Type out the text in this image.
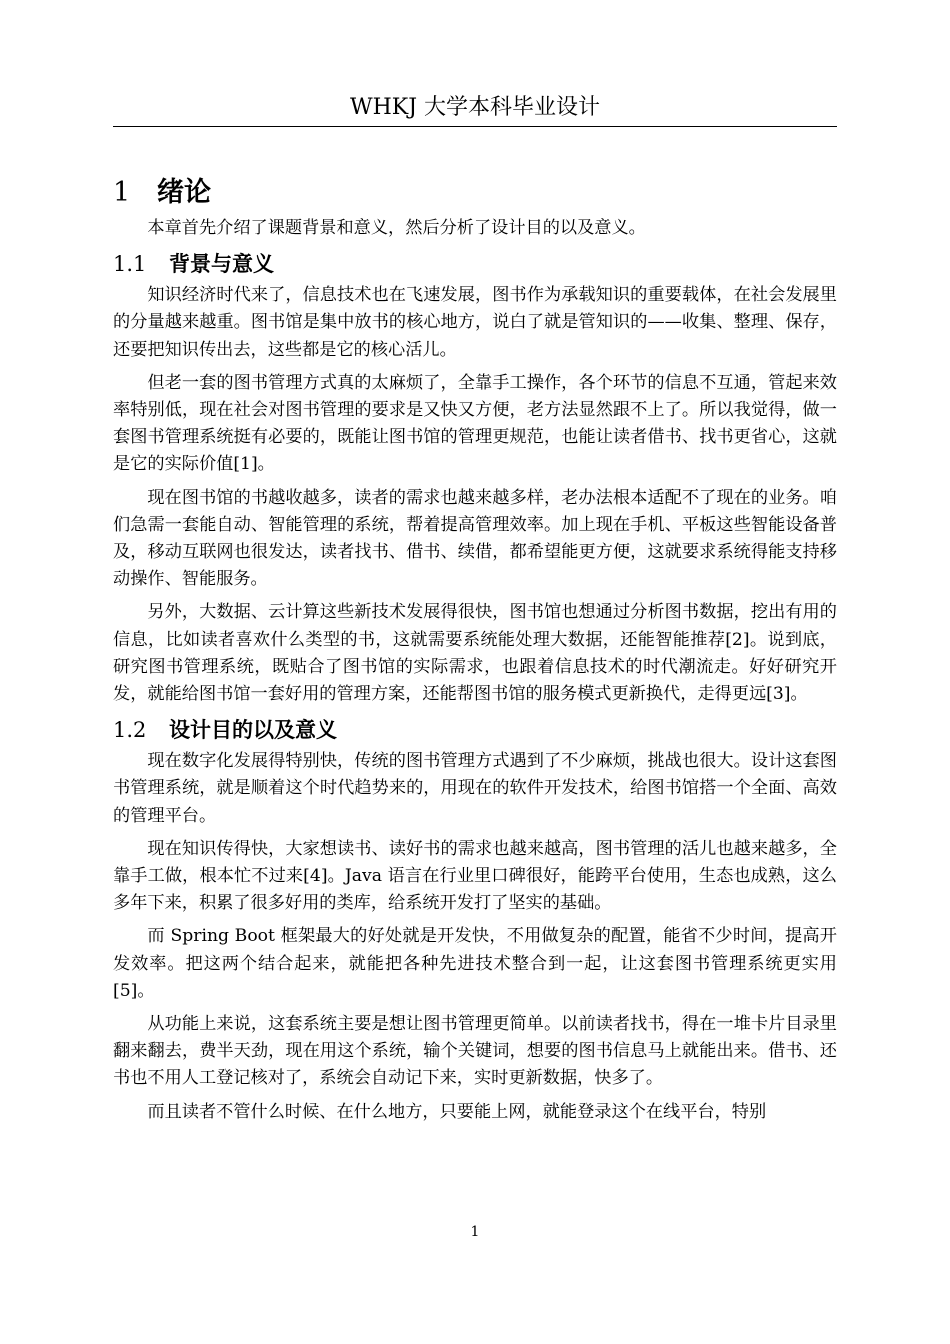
WHKJ 大学本科毕业设计
1 绪论

本章首先介绍了课题背景和意义，然后分析了设计目的以及意义。

1.1 背景与意义

知识经济时代来了，信息技术也在飞速发展，图书作为承载知识的重要载体，在社会发展里的分量越来越重。图书馆是集中放书的核心地方，说白了就是管知识的——收集、整理、保存，还要把知识传出去，这些都是它的核心活儿。

但老一套的图书管理方式真的太麻烦了，全靠手工操作，各个环节的信息不互通，管起来效率特别低，现在社会对图书管理的要求是又快又方便，老方法显然跟不上了。所以我觉得，做一套图书管理系统挺有必要的，既能让图书馆的管理更规范，也能让读者借书、找书更省心，这就是它的实际价值[1]。

现在图书馆的书越收越多，读者的需求也越来越多样，老办法根本适配不了现在的业务。咱们急需一套能自动、智能管理的系统，帮着提高管理效率。加上现在手机、平板这些智能设备普及，移动互联网也很发达，读者找书、借书、续借，都希望能更方便，这就要求系统得能支持移动操作、智能服务。

另外，大数据、云计算这些新技术发展得很快，图书馆也想通过分析图书数据，挖出有用的信息，比如读者喜欢什么类型的书，这就需要系统能处理大数据，还能智能推荐[2]。说到底，研究图书管理系统，既贴合了图书馆的实际需求，也跟着信息技术的时代潮流走。好好研究开发，就能给图书馆一套好用的管理方案，还能帮图书馆的服务模式更新换代，走得更远[3]。

1.2 设计目的以及意义

现在数字化发展得特别快，传统的图书管理方式遇到了不少麻烦，挑战也很大。设计这套图书管理系统，就是顺着这个时代趋势来的，用现在的软件开发技术，给图书馆搭一个全面、高效的管理平台。

现在知识传得快，大家想读书、读好书的需求也越来越高，图书管理的活儿也越来越多，全靠手工做，根本忙不过来[4]。Java 语言在行业里口碑很好，能跨平台使用，生态也成熟，这么多年下来，积累了很多好用的类库，给系统开发打了坚实的基础。

而 Spring Boot 框架最大的好处就是开发快，不用做复杂的配置，能省不少时间，提高开发效率。把这两个结合起来，就能把各种先进技术整合到一起，让这套图书管理系统更实用[5]。

从功能上来说，这套系统主要是想让图书管理更简单。以前读者找书，得在一堆卡片目录里翻来翻去，费半天劲，现在用这个系统，输个关键词，想要的图书信息马上就能出来。借书、还书也不用人工登记核对了，系统会自动记下来，实时更新数据，快多了。

而且读者不管什么时候、在什么地方，只要能上网，就能登录这个在线平台，特别

1
